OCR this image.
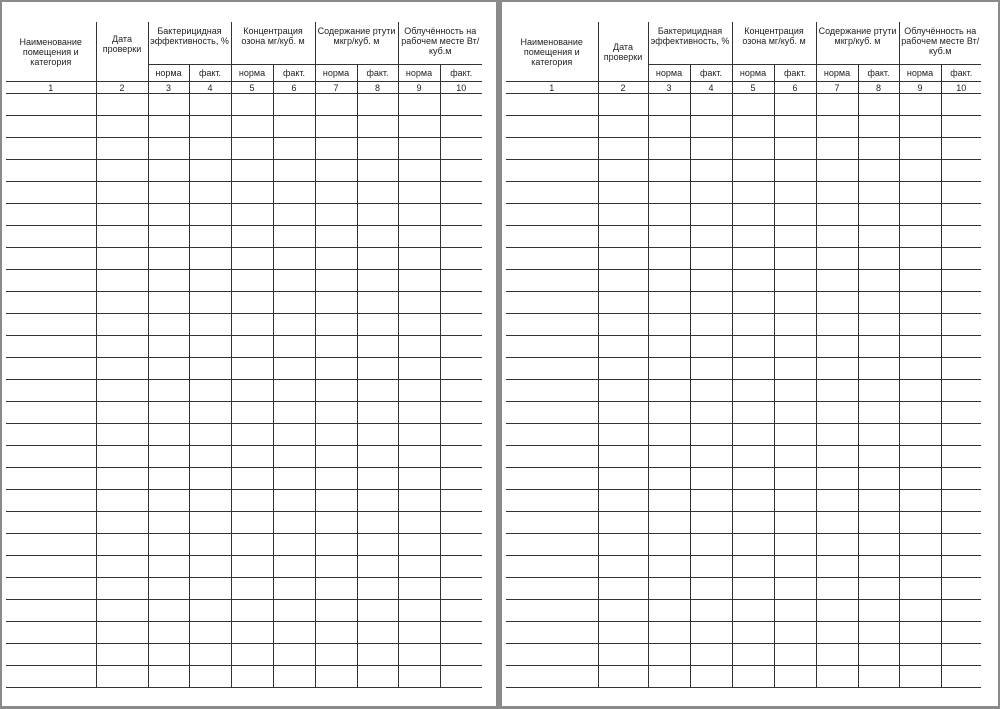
Наименование помещения и категория	Дата проверки	Бактерицидная эффективность, %		Концентрация озона мг/куб. м		Содержание ртути мкгр/куб. м		Облучённость на рабочем месте Вт/куб.м	
		норма	факт.	норма	факт.	норма	факт.	норма	факт.
1	2	3	4	5	6	7	8	9	10

Наименование помещения и категория	Дата проверки	Бактерицидная эффективность, %		Концентрация озона мг/куб. м		Содержание ртути мкгр/куб. м		Облучённость на рабочем месте Вт/куб.м	
		норма	факт.	норма	факт.	норма	факт.	норма	факт.
1	2	3	4	5	6	7	8	9	10
